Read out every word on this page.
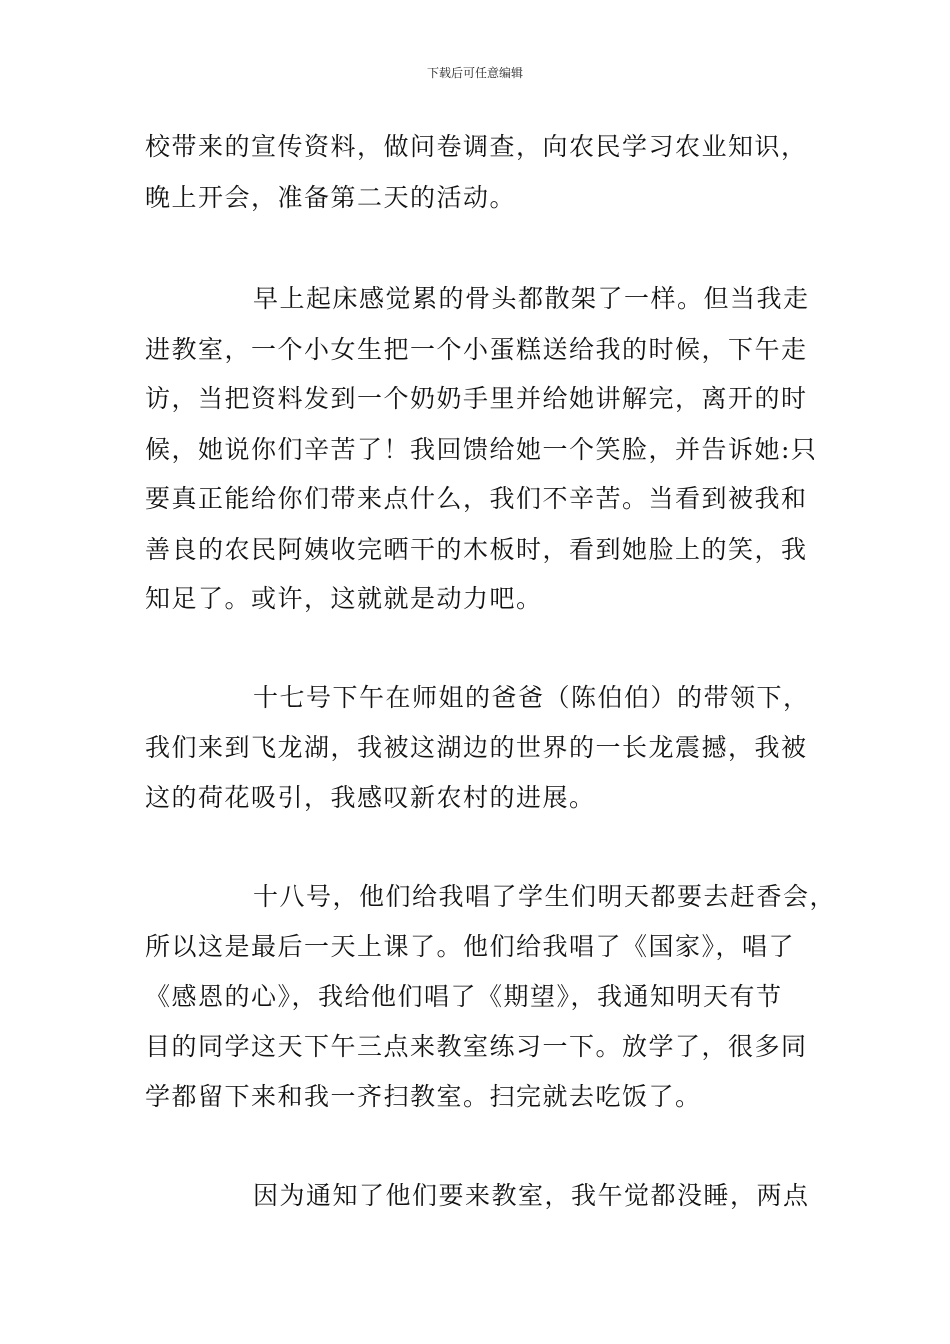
下载后可任意编辑
校带来的宣传资料，做问卷调查，向农民学习农业知识，
晚上开会，准备第二天的活动。
早上起床感觉累的骨头都散架了一样。但当我走
进教室，一个小女生把一个小蛋糕送给我的时候，下午走
访，当把资料发到一个奶奶手里并给她讲解完，离开的时
候，她说你们辛苦了！我回馈给她一个笑脸，并告诉她:只
要真正能给你们带来点什么，我们不辛苦。当看到被我和
善良的农民阿姨收完晒干的木板时，看到她脸上的笑，我
知足了。或许，这就就是动力吧。
十七号下午在师姐的爸爸（陈伯伯）的带领下，
我们来到飞龙湖，我被这湖边的世界的一长龙震撼，我被
这的荷花吸引，我感叹新农村的进展。
十八号，他们给我唱了学生们明天都要去赶香会，
所以这是最后一天上课了。他们给我唱了《国家》，唱了
《感恩的心》，我给他们唱了《期望》，我通知明天有节
目的同学这天下午三点来教室练习一下。放学了，很多同
学都留下来和我一齐扫教室。扫完就去吃饭了。
因为通知了他们要来教室，我午觉都没睡，两点
